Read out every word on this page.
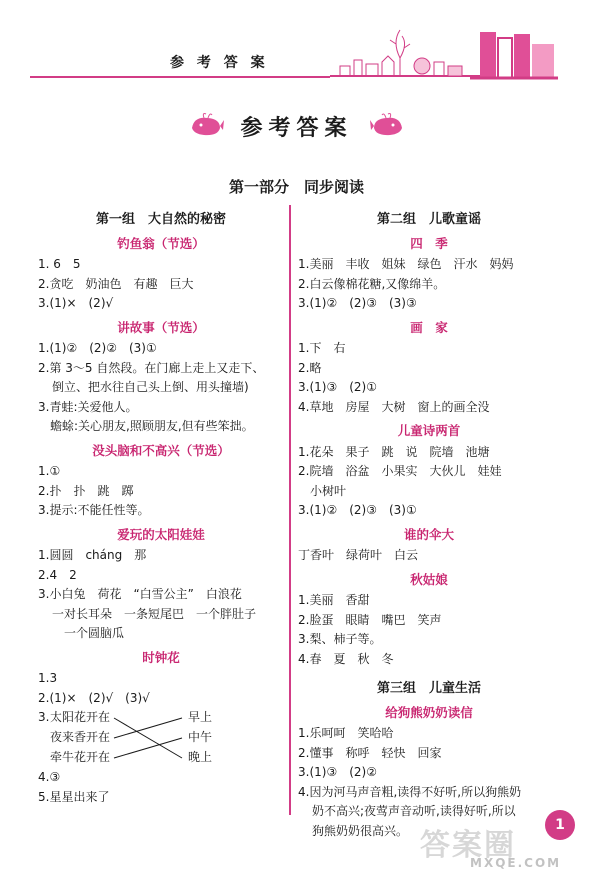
参 考 答 案
参考答案
第一部分　同步阅读
第一组　大自然的秘密
钓鱼翁（节选）
1. 6　5
2.贪吃　奶油色　有趣　巨大
3.(1)×　(2)√
讲故事（节选）
1.(1)②　(2)②　(3)①
2.第 3～5 自然段。在门廊上走上又走下、
倒立、把水往自己头上倒、用头撞墙)
3.青蛙:关爱他人。
　蟾蜍:关心朋友,照顾朋友,但有些笨拙。
没头脑和不高兴（节选）
1.①
2.扑　扑　跳　踯
3.提示:不能任性等。
爱玩的太阳娃娃
1.圆圆　cháng　那
2.4　2
3.小白兔　荷花　“白雪公主”　白浪花
一对长耳朵　一条短尾巴　一个胖肚子
　一个圆脑瓜
时钟花
1.3
2.(1)×　(2)√　(3)√
3. 太阳花开在
夜来香开在
牵牛花开在
早上
中午
晚上
4.③
5.星星出来了
第二组　儿歌童谣
四　季
1.美丽　丰收　姐妹　绿色　汗水　妈妈
2.白云像棉花糖,又像绵羊。
3.(1)②　(2)③　(3)③
画　家
1.下　右
2.略
3.(1)③　(2)①
4.草地　房屋　大树　窗上的画全没
儿童诗两首
1.花朵　果子　跳　说　院墙　池塘
2.院墙　浴盆　小果实　大伙儿　娃娃
　小树叶
3.(1)②　(2)③　(3)①
谁的伞大
丁香叶　绿荷叶　白云
秋姑娘
1.美丽　香甜
2.脸蛋　眼睛　嘴巴　笑声
3.梨、柿子等。
4.春　夏　秋　冬
第三组　儿童生活
给狗熊奶奶读信
1.乐呵呵　笑哈哈
2.懂事　称呼　轻快　回家
3.(1)③　(2)②
4.因为河马声音粗,读得不好听,所以狗熊奶
奶不高兴;夜莺声音动听,读得好听,所以
狗熊奶奶很高兴。 答案圈
MXQE.COM
1
